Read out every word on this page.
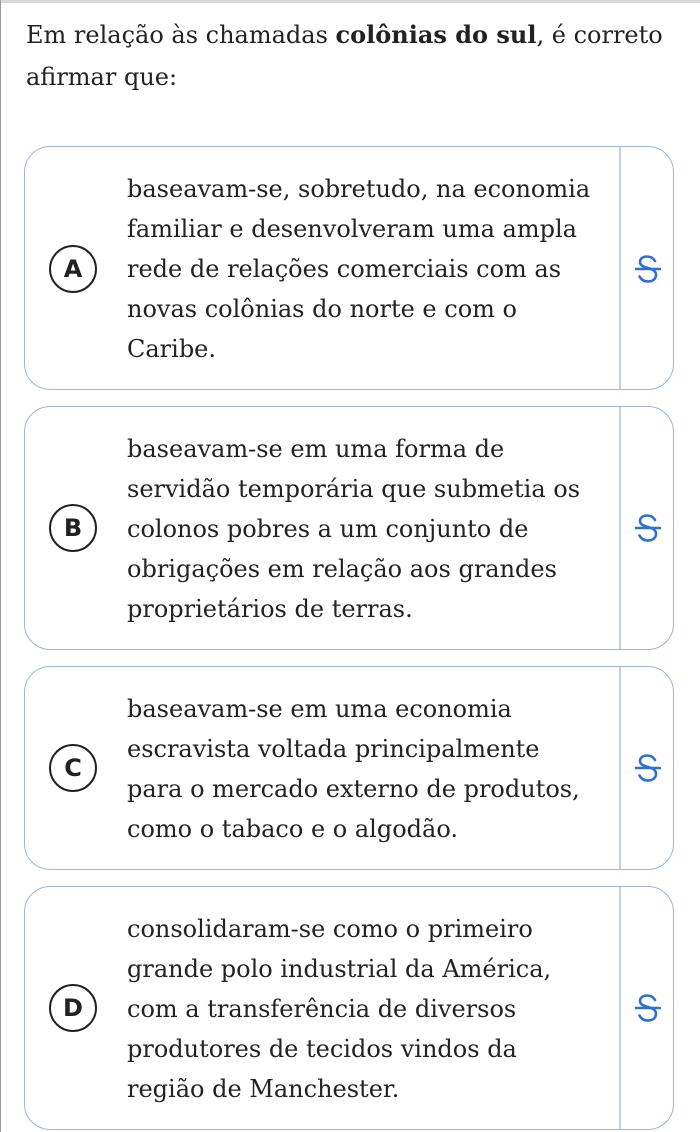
Em relação às chamadas colônias do sul, é correto afirmar que:

A

baseavam-se, sobretudo, na economia
familiar e desenvolveram uma ampla
rede de relações comerciais com as
novas colônias do norte e com o
Caribe.

B

baseavam-se em uma forma de
servidão temporária que submetia os
colonos pobres a um conjunto de
obrigações em relação aos grandes
proprietários de terras.

C

baseavam-se em uma economia
escravista voltada principalmente
para o mercado externo de produtos,
como o tabaco e o algodão.

D

consolidaram-se como o primeiro
grande polo industrial da América,
com a transferência de diversos
produtores de tecidos vindos da
região de Manchester.
